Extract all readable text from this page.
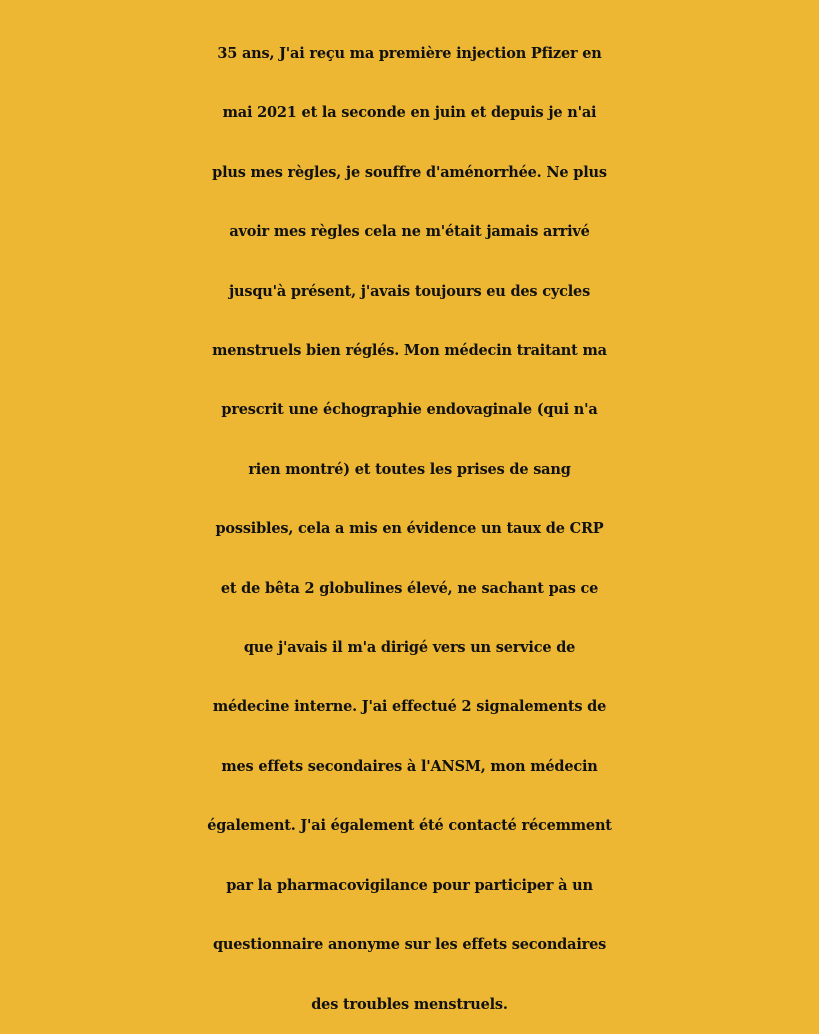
35 ans, J'ai reçu ma première injection Pfizer en
mai 2021 et la seconde en juin et depuis je n'ai
plus mes règles, je souffre d'aménorrhée. Ne plus
avoir mes règles cela ne m'était jamais arrivé
jusqu'à présent, j'avais toujours eu des cycles
menstruels bien réglés. Mon médecin traitant ma
prescrit une échographie endovaginale (qui n'a
rien montré) et toutes les prises de sang
possibles, cela a mis en évidence un taux de CRP
et de bêta 2 globulines élevé, ne sachant pas ce
que j'avais il m'a dirigé vers un service de
médecine interne. J'ai effectué 2 signalements de
mes effets secondaires à l'ANSM, mon médecin
également. J'ai également été contacté récemment
par la pharmacovigilance pour participer à un
questionnaire anonyme sur les effets secondaires
des troubles menstruels.
